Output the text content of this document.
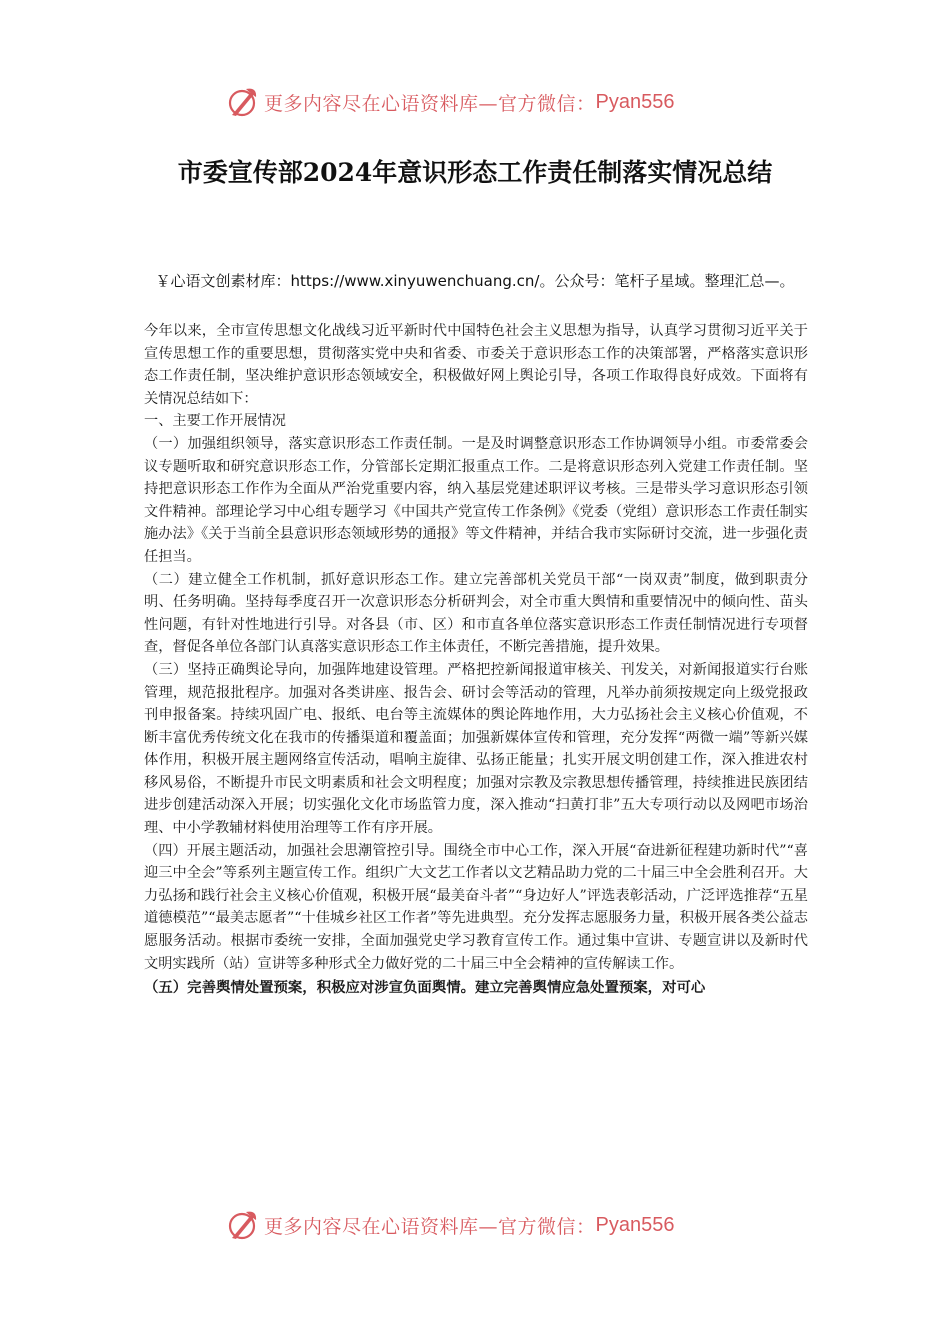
更多内容尽在心语资料库—官方微信： Pyan556
市委宣传部2024年意识形态工作责任制落实情况总结
￥心语文创素材库：https://www.xinyuwenchuang.cn/。公众号：笔杆子星域。整理汇总—。

今年以来，全市宣传思想文化战线习近平新时代中国特色社会主义思想为指导，认真学习贯彻习近平关于宣传思想工作的重要思想，贯彻落实党中央和省委、市委关于意识形态工作的决策部署，严格落实意识形态工作责任制，坚决维护意识形态领域安全，积极做好网上舆论引导，各项工作取得良好成效。下面将有关情况总结如下：

一、主要工作开展情况

（一）加强组织领导，落实意识形态工作责任制。一是及时调整意识形态工作协调领导小组。市委常委会议专题听取和研究意识形态工作，分管部长定期汇报重点工作。二是将意识形态列入党建工作责任制。坚持把意识形态工作作为全面从严治党重要内容，纳入基层党建述职评议考核。三是带头学习意识形态引领文件精神。部理论学习中心组专题学习《中国共产党宣传工作条例》《党委（党组）意识形态工作责任制实施办法》《关于当前全县意识形态领域形势的通报》等文件精神，并结合我市实际研讨交流，进一步强化责任担当。

（二）建立健全工作机制，抓好意识形态工作。建立完善部机关党员干部“一岗双责”制度，做到职责分明、任务明确。坚持每季度召开一次意识形态分析研判会，对全市重大舆情和重要情况中的倾向性、苗头性问题，有针对性地进行引导。对各县（市、区）和市直各单位落实意识形态工作责任制情况进行专项督查，督促各单位各部门认真落实意识形态工作主体责任，不断完善措施，提升效果。

（三）坚持正确舆论导向，加强阵地建设管理。严格把控新闻报道审核关、刊发关，对新闻报道实行台账管理，规范报批程序。加强对各类讲座、报告会、研讨会等活动的管理，凡举办前须按规定向上级党报政刊申报备案。持续巩固广电、报纸、电台等主流媒体的舆论阵地作用，大力弘扬社会主义核心价值观，不断丰富优秀传统文化在我市的传播渠道和覆盖面；加强新媒体宣传和管理，充分发挥“两微一端”等新兴媒体作用，积极开展主题网络宣传活动，唱响主旋律、弘扬正能量；扎实开展文明创建工作，深入推进农村移风易俗，不断提升市民文明素质和社会文明程度；加强对宗教及宗教思想传播管理，持续推进民族团结进步创建活动深入开展；切实强化文化市场监管力度，深入推动“扫黄打非”五大专项行动以及网吧市场治理、中小学教辅材料使用治理等工作有序开展。

（四）开展主题活动，加强社会思潮管控引导。围绕全市中心工作，深入开展“奋进新征程建功新时代”“喜迎三中全会”等系列主题宣传工作。组织广大文艺工作者以文艺精品助力党的二十届三中全会胜利召开。大力弘扬和践行社会主义核心价值观，积极开展“最美奋斗者”“身边好人”评选表彰活动，广泛评选推荐“五星道德模范”“最美志愿者”“十佳城乡社区工作者”等先进典型。充分发挥志愿服务力量，积极开展各类公益志愿服务活动。根据市委统一安排，全面加强党史学习教育宣传工作。通过集中宣讲、专题宣讲以及新时代文明实践所（站）宣讲等多种形式全力做好党的二十届三中全会精神的宣传解读工作。

（五）完善舆情处置预案，积极应对涉宣负面舆情。建立完善舆情应急处置预案，对可心

更多内容尽在心语资料库—官方微信： Pyan556
